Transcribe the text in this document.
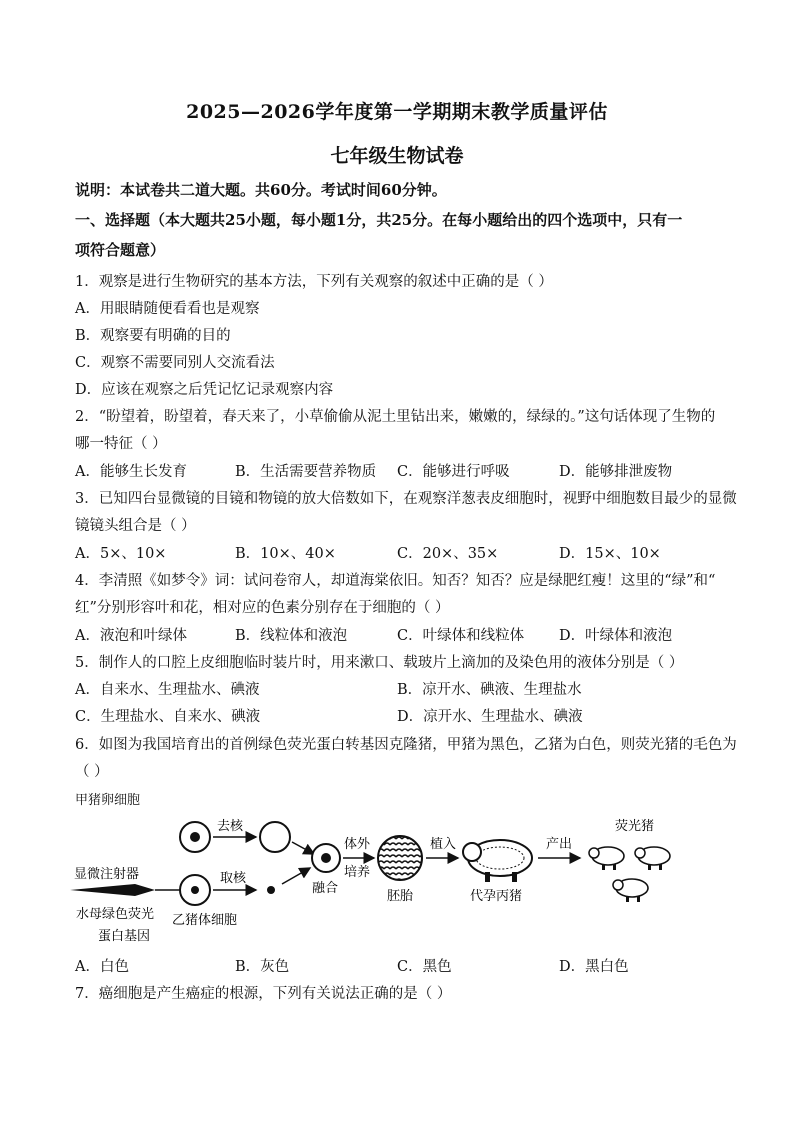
2025—2026学年度第一学期期末教学质量评估
七年级生物试卷
说明：本试卷共二道大题。共60分。考试时间60分钟。
一、选择题（本大题共25小题，每小题1分，共25分。在每小题给出的四个选项中，只有一
项符合题意）
1．观察是进行生物研究的基本方法，下列有关观察的叙述中正确的是（ ）
A．用眼睛随便看看也是观察
B．观察要有明确的目的
C．观察不需要同别人交流看法
D．应该在观察之后凭记忆记录观察内容
2．“盼望着，盼望着，春天来了，小草偷偷从泥土里钻出来，嫩嫩的，绿绿的。”这句话体现了生物的
哪一特征（ ）
A．能够生长发育	B．生活需要营养物质 C．能够进行呼吸	D．能够排泄废物
3．已知四台显微镜的目镜和物镜的放大倍数如下，在观察洋葱表皮细胞时，视野中细胞数目最少的显微
镜镜头组合是（ ）
A．5×、10×	B．10×、40×	C．20×、35×	D．15×、10×
4．李清照《如梦令》词：试问卷帘人，却道海棠依旧。知否？知否？应是绿肥红瘦！这里的“绿”和“
红”分别形容叶和花，相对应的色素分别存在于细胞的（ ）
A．液泡和叶绿体	B．线粒体和液泡	C．叶绿体和线粒体 D．叶绿体和液泡
5．制作人的口腔上皮细胞临时装片时，用来漱口、载玻片上滴加的及染色用的液体分别是（ ）
A．自来水、生理盐水、碘液	B．凉开水、碘液、生理盐水
C．生理盐水、自来水、碘液	D．凉开水、生理盐水、碘液
6．如图为我国培育出的首例绿色荧光蛋白转基因克隆猪，甲猪为黑色，乙猪为白色，则荧光猪的毛色为
（ ）
甲猪卵细胞
去核
显微注射器
水母绿色荧光
蛋白基因
乙猪体细胞
取核
融合
体外
培养
胚胎
植入
代孕丙猪
产出
荧光猪
A．白色	B．灰色	C．黑色	D．黑白色
7．癌细胞是产生癌症的根源，下列有关说法正确的是（ ）
